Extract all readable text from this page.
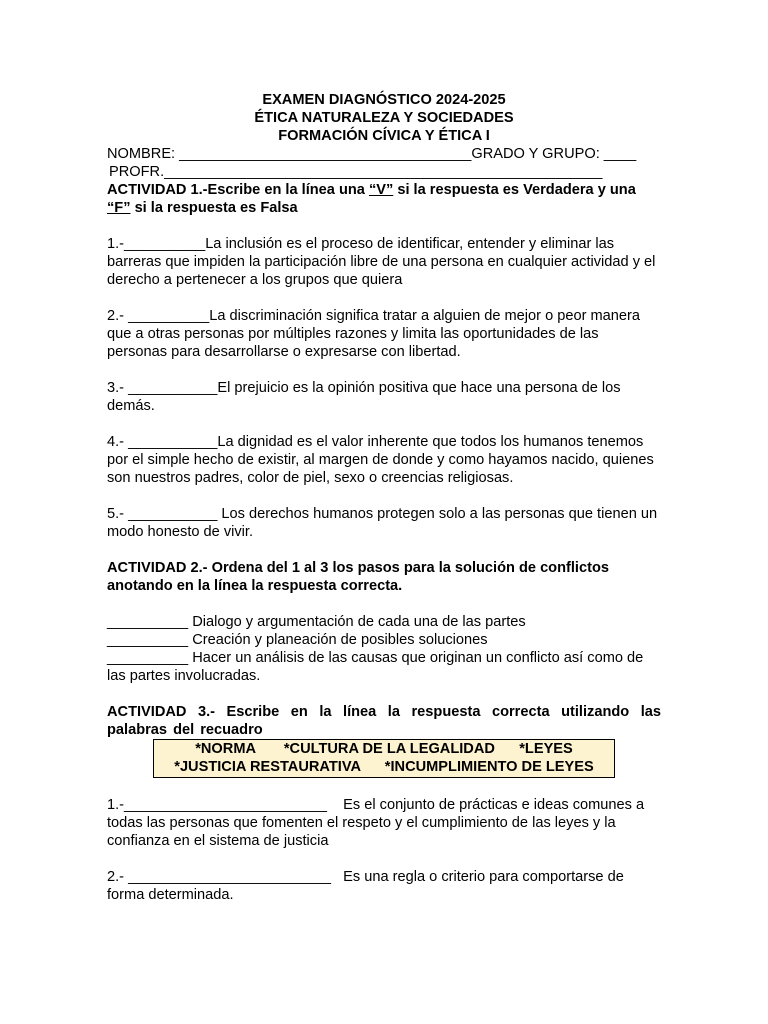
EXAMEN DIAGNÓSTICO 2024-2025

ÉTICA NATURALEZA Y SOCIEDADES

FORMACIÓN CÍVICA Y ÉTICA I

NOMBRE: ____________________________________GRADO Y GRUPO: ____

PROFR.______________________________________________________

ACTIVIDAD 1.-Escribe en la línea una “V” si la respuesta es Verdadera y una “F” si la respuesta es Falsa

1.-__________La inclusión es el proceso de identificar, entender y eliminar las barreras que impiden la participación libre de una persona en cualquier actividad y el derecho a pertenecer a los grupos que quiera

2.- __________La discriminación significa tratar a alguien de mejor o peor manera que a otras personas por múltiples razones y limita las oportunidades de las personas para desarrollarse o expresarse con libertad.

3.- ___________El prejuicio es la opinión positiva que hace una persona de los demás.

4.- ___________La dignidad es el valor inherente que todos los humanos tenemos por el simple hecho de existir, al margen de donde y como hayamos nacido, quienes son nuestros padres, color de piel, sexo o creencias religiosas.

5.- ___________ Los derechos humanos protegen solo a las personas que tienen un modo honesto de vivir.

ACTIVIDAD 2.- Ordena del 1 al 3 los pasos para la solución de conflictos anotando en la línea la respuesta correcta.

__________ Dialogo y argumentación de cada una de las partes

__________ Creación y planeación de posibles soluciones

__________ Hacer un análisis de las causas que originan un conflicto así como de las partes involucradas.

ACTIVIDAD 3.- Escribe en la línea la respuesta correcta utilizando las palabras del recuadro

*NORMA       *CULTURA DE LA LEGALIDAD      *LEYES
*JUSTICIA RESTAURATIVA      *INCUMPLIMIENTO DE LEYES

1.-_________________________    Es el conjunto de prácticas e ideas comunes a todas las personas que fomenten el respeto y el cumplimiento de las leyes y la confianza en el sistema de justicia

2.- _________________________   Es una regla o criterio para comportarse de forma determinada.
